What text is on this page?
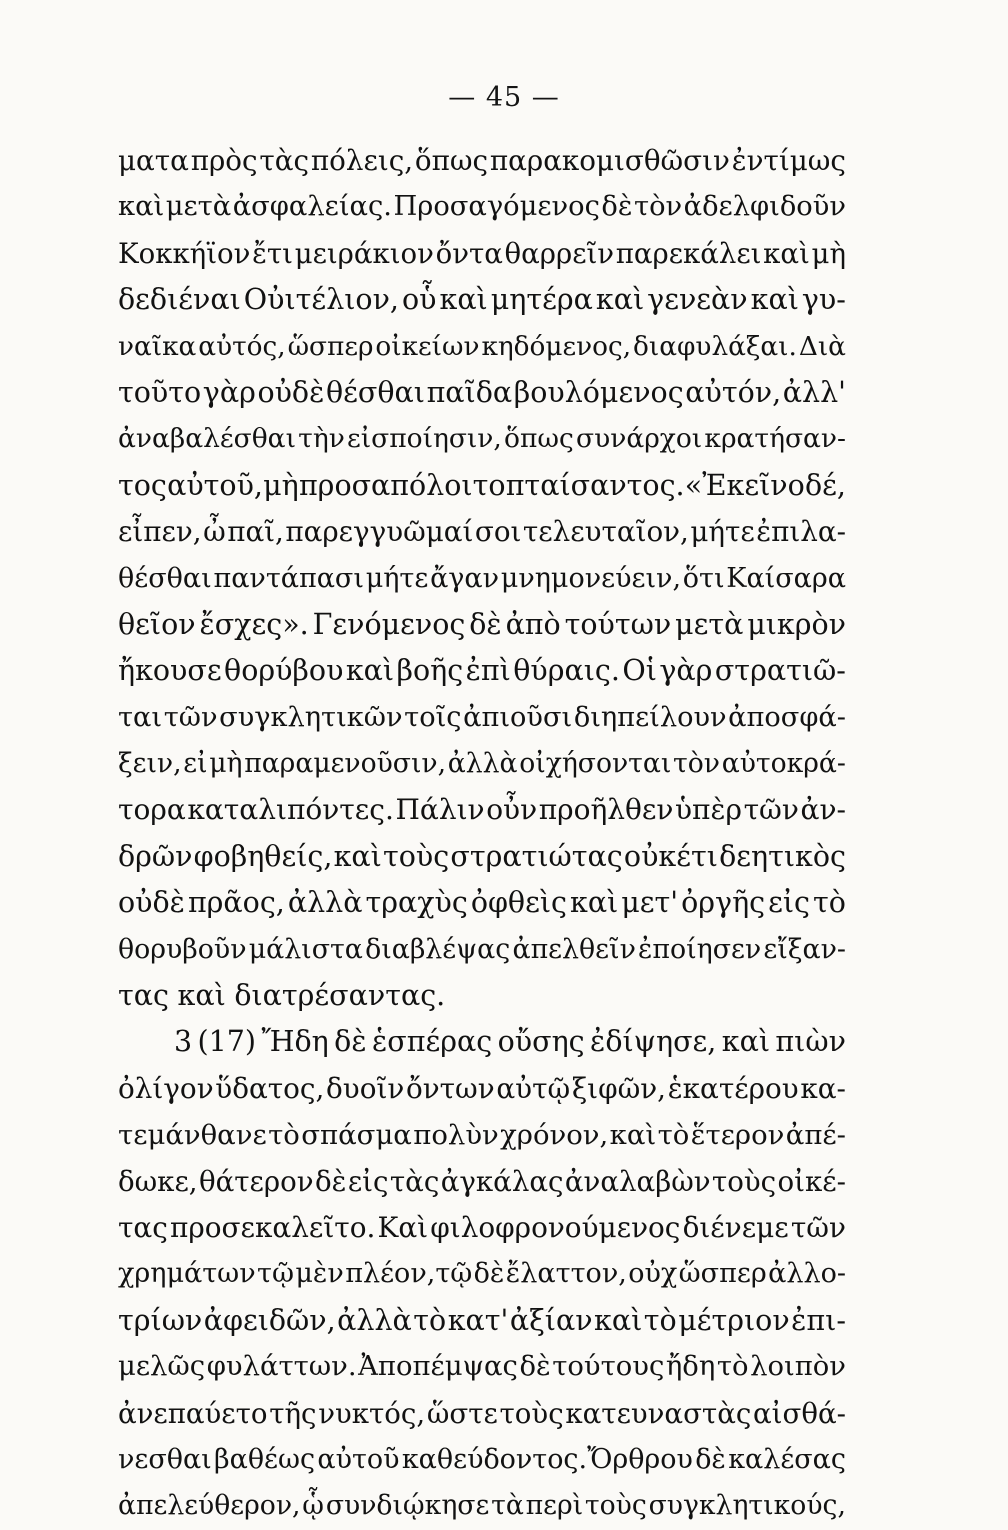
— 45 —
ματα πρὸς τὰς πόλεις, ὅπως παρακομισθῶσιν ἐντίμως
καὶ μετὰ ἀσφαλείας. Προσαγόμενος δὲ τὸν ἀδελφιδοῦν
Κοκκήϊον ἔτι μειράκιον ὄντα θαρρεῖν παρεκάλει καὶ μὴ
δεδιέναι Οὐιτέλιον, οὗ καὶ μητέρα καὶ γενεὰν καὶ γυ-
ναῖκα αὐτός, ὥσπερ οἰκείων κηδόμενος, διαφυλάξαι. Διὰ
τοῦτο γὰρ οὐδὲ θέσθαι παῖδα βουλόμενος αὐτόν, ἀλλ'
ἀναβαλέσθαι τὴν εἰσποίησιν, ὅπως συνάρχοι κρατήσαν-
τος αὐτοῦ, μὴ προσαπόλοιτο πταίσαντος. «Ἐκεῖνο δέ,
εἶπεν, ὦ παῖ, παρεγγυῶμαί σοι τελευταῖον, μήτε ἐπιλα-
θέσθαι παντάπασι μήτε ἄγαν μνημονεύειν, ὅτι Καίσαρα
θεῖον ἔσχες». Γενόμενος δὲ ἀπὸ τούτων μετὰ μικρὸν
ἤκουσε θορύβου καὶ βοῆς ἐπὶ θύραις. Οἱ γὰρ στρατιῶ-
ται τῶν συγκλητικῶν τοῖς ἀπιοῦσι διηπείλουν ἀποσφά-
ξειν, εἰ μὴ παραμενοῦσιν, ἀλλὰ οἰχήσονται τὸν αὐτοκρά-
τορα καταλιπόντες. Πάλιν οὖν προῆλθεν ὑπὲρ τῶν ἀν-
δρῶν φοβηθείς, καὶ τοὺς στρατιώτας οὐκέτι δεητικὸς
οὐδὲ πρᾶος, ἀλλὰ τραχὺς ὀφθεὶς καὶ μετ' ὀργῆς εἰς τὸ
θορυβοῦν μάλιστα διαβλέψας ἀπελθεῖν ἐποίησεν εἴξαν-
τας καὶ διατρέσαντας.
3 (17) Ἤδη δὲ ἑσπέρας οὔσης ἐδίψησε, καὶ πιὼν
ὀλίγον ὕδατος, δυοῖν ὄντων αὐτῷ ξιφῶν, ἑκατέρου κα-
τεμάνθανε τὸ σπάσμα πολὺν χρόνον, καὶ τὸ ἕτερον ἀπέ-
δωκε, θάτερον δὲ εἰς τὰς ἀγκάλας ἀναλαβὼν τοὺς οἰκέ-
τας προσεκαλεῖτο. Καὶ φιλοφρονούμενος διένεμε τῶν
χρημάτων τῷ μὲν πλέον,τῷ δὲ ἔλαττον, οὐχ ὥσπερ ἀλλο-
τρίων ἀφειδῶν, ἀλλὰ τὸ κατ' ἀξίαν καὶ τὸ μέτριον ἐπι-
μελῶς φυλάττων. Ἀποπέμψας δὲ τούτους ἤδη τὸ λοιπὸν
ἀνεπαύετο τῆς νυκτός, ὥστε τοὺς κατευναστὰς αἰσθά-
νεσθαι βαθέως αὐτοῦ καθεύδοντος.Ὄρθρου δὲ καλέσας
ἀπελεύθερον, ᾧ συνδιῴκησε τὰ περὶ τοὺς συγκλητικούς,
